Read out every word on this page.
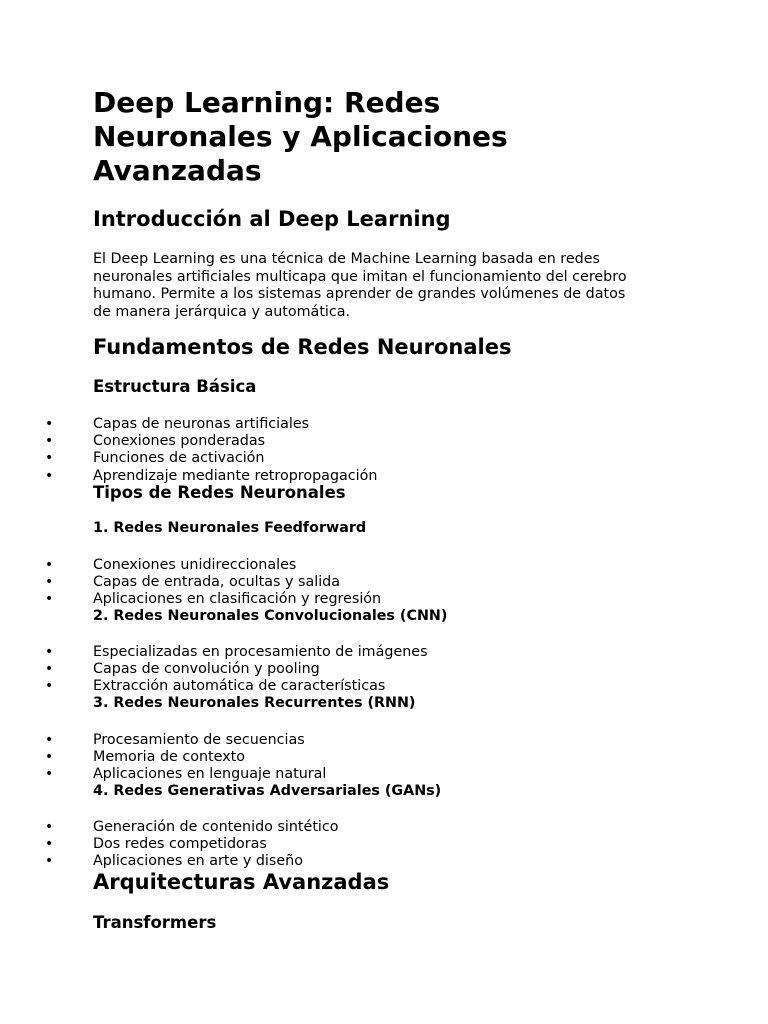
Deep Learning: Redes
Neuronales y Aplicaciones
Avanzadas
Introducción al Deep Learning
El Deep Learning es una técnica de Machine Learning basada en redes
neuronales artificiales multicapa que imitan el funcionamiento del cerebro
humano. Permite a los sistemas aprender de grandes volúmenes de datos
de manera jerárquica y automática.
Fundamentos de Redes Neuronales
Estructura Básica
•	Capas de neuronas artificiales
•	Conexiones ponderadas
•	Funciones de activación
•	Aprendizaje mediante retropropagación
Tipos de Redes Neuronales
1. Redes Neuronales Feedforward
•	Conexiones unidireccionales
•	Capas de entrada, ocultas y salida
•	Aplicaciones en clasificación y regresión
2. Redes Neuronales Convolucionales (CNN)
•	Especializadas en procesamiento de imágenes
•	Capas de convolución y pooling
•	Extracción automática de características
3. Redes Neuronales Recurrentes (RNN)
•	Procesamiento de secuencias
•	Memoria de contexto
•	Aplicaciones en lenguaje natural
4. Redes Generativas Adversariales (GANs)
•	Generación de contenido sintético
•	Dos redes competidoras
•	Aplicaciones en arte y diseño
Arquitecturas Avanzadas
Transformers
